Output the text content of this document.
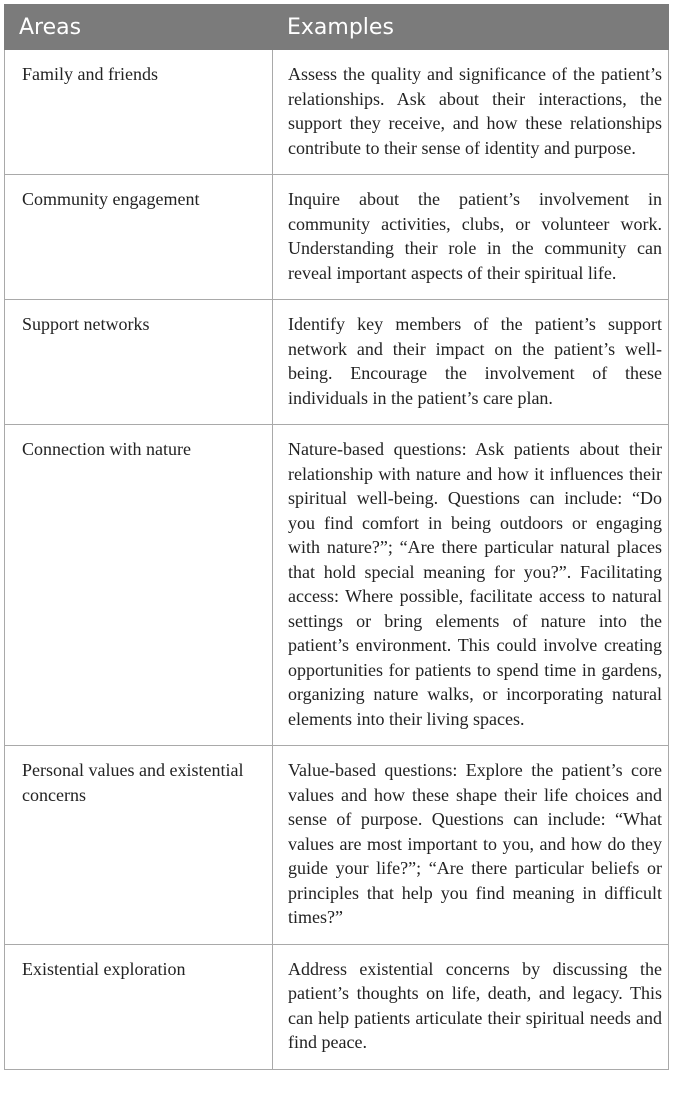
Areas	Examples
Family and friends	Assess the quality and significance of the patient’s relationships. Ask about their interactions, the support they receive, and how these relationships contribute to their sense of identity and purpose.
Community engagement	Inquire about the patient’s involvement in community activities, clubs, or volunteer work. Understanding their role in the community can reveal important aspects of their spiritual life.
Support networks	Identify key members of the patient’s support network and their impact on the patient’s well-being. Encourage the involvement of these individuals in the patient’s care plan.
Connection with nature	Nature-based questions: Ask patients about their relationship with nature and how it influences their spiritual well-being. Questions can include: “Do you find comfort in being outdoors or engaging with nature?”; “Are there particular natural places that hold special meaning for you?”. Facilitating access: Where possible, facilitate access to natural settings or bring elements of nature into the patient’s environment. This could involve creating opportunities for patients to spend time in gardens, organizing nature walks, or incorporating natural elements into their living spaces.
Personal values and existential concerns	Value-based questions: Explore the patient’s core values and how these shape their life choices and sense of purpose. Questions can include: “What values are most important to you, and how do they guide your life?”; “Are there particular beliefs or principles that help you find meaning in difficult times?”
Existential exploration	Address existential concerns by discussing the patient’s thoughts on life, death, and legacy. This can help patients articulate their spiritual needs and find peace.
